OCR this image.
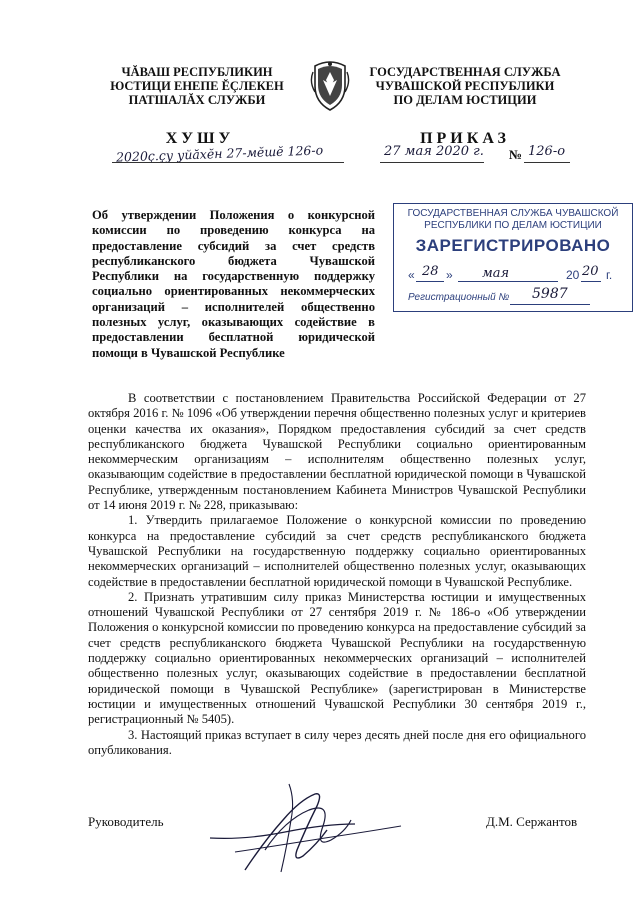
ЧĂВАШ РЕСПУБЛИКИН
ЮСТИЦИ ЕНЕПЕ ĔÇЛЕКЕН
ПАТШАЛĂХ СЛУЖБИ
ГОСУДАРСТВЕННАЯ СЛУЖБА
ЧУВАШСКОЙ РЕСПУБЛИКИ
ПО ДЕЛАМ ЮСТИЦИИ
ХУШУ	ПРИКАЗ
2020ç.çу уйăхĕн 27-мĕшĕ 126-о	27 мая 2020 г. № 126-о
Об утверждении Положения о конкурсной комиссии по проведению конкурса на предоставление субсидий за счет средств республиканского бюджета Чувашской Республики на государственную поддержку социально ориентированных некоммерческих организаций – исполнителей общественно полезных услуг, оказывающих содействие в предоставлении бесплатной юридической помощи в Чувашской Республике
ГОСУДАРСТВЕННАЯ СЛУЖБА ЧУВАШСКОЙ
РЕСПУБЛИКИ ПО ДЕЛАМ ЮСТИЦИИ
ЗАРЕГИСТРИРОВАНО
« 28 » мая	20 20 г.
Регистрационный № 5987

В соответствии с постановлением Правительства Российской Федерации от 27 октября 2016 г. № 1096 «Об утверждении перечня общественно полезных услуг и критериев оценки качества их оказания», Порядком предоставления субсидий за счет средств республиканского бюджета Чувашской Республики социально ориентированным некоммерческим организациям – исполнителям общественно полезных услуг, оказывающим содействие в предоставлении бесплатной юридической помощи в Чувашской Республике, утвержденным постановлением Кабинета Министров Чувашской Республики от 14 июня 2019 г. № 228, приказываю:

1. Утвердить прилагаемое Положение о конкурсной комиссии по проведению конкурса на предоставление субсидий за счет средств республиканского бюджета Чувашской Республики на государственную поддержку социально ориентированных некоммерческих организаций – исполнителей общественно полезных услуг, оказывающих содействие в предоставлении бесплатной юридической помощи в Чувашской Республике.

2. Признать утратившим силу приказ Министерства юстиции и имущественных отношений Чувашской Республики от 27 сентября 2019 г. № 186-о «Об утверждении Положения о конкурсной комиссии по проведению конкурса на предоставление субсидий за счет средств республиканского бюджета Чувашской Республики на государственную поддержку социально ориентированных некоммерческих организаций – исполнителей общественно полезных услуг, оказывающих содействие в предоставлении бесплатной юридической помощи в Чувашской Республике» (зарегистрирован в Министерстве юстиции и имущественных отношений Чувашской Республики 30 сентября 2019 г., регистрационный № 5405).

3. Настоящий приказ вступает в силу через десять дней после дня его официального опубликования.

Руководитель	Д.М. Сержантов
